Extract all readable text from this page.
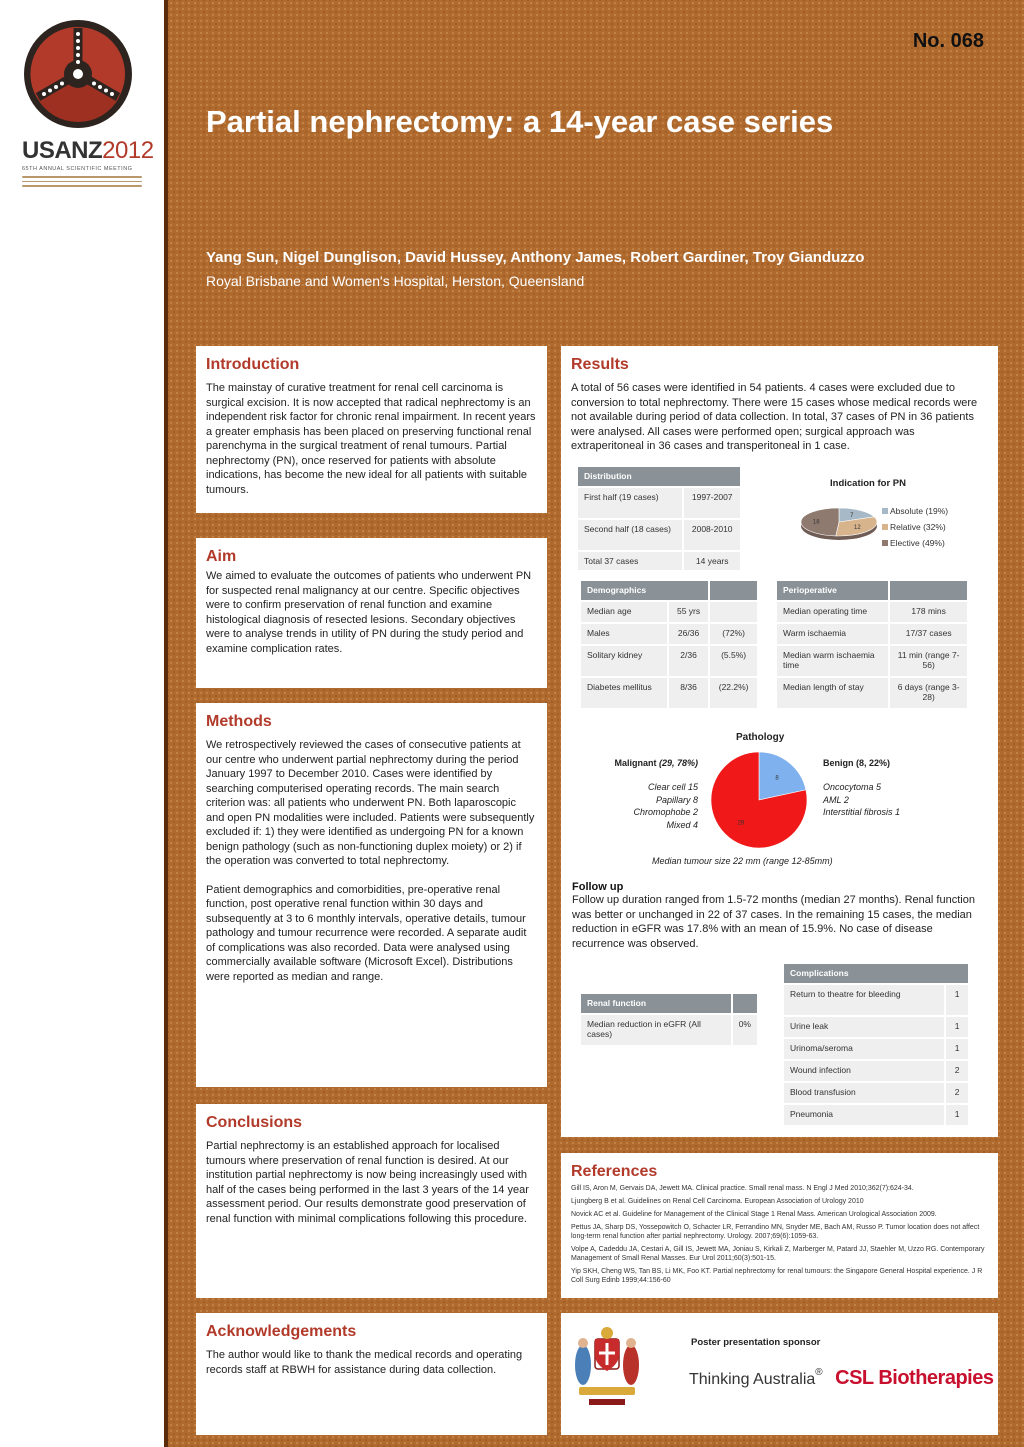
USANZ2012
65TH ANNUAL SCIENTIFIC MEETING
No. 068
Partial nephrectomy: a 14-year case series
Yang Sun, Nigel Dunglison, David Hussey, Anthony James, Robert Gardiner, Troy Gianduzzo
Royal Brisbane and Women's Hospital, Herston, Queensland
Introduction

The mainstay of curative treatment for renal cell carcinoma is surgical excision. It is now accepted that radical nephrectomy is an independent risk factor for chronic renal impairment. In recent years a greater emphasis has been placed on preserving functional renal parenchyma in the surgical treatment of renal tumours. Partial nephrectomy (PN), once reserved for patients with absolute indications, has become the new ideal for all patients with suitable tumours.

Aim

We aimed to evaluate the outcomes of patients who underwent PN for suspected renal malignancy at our centre. Specific objectives were to confirm preservation of renal function and examine histological diagnosis of resected lesions. Secondary objectives were to analyse trends in utility of PN during the study period and examine complication rates.

Methods

We retrospectively reviewed the cases of consecutive patients at our centre who underwent partial nephrectomy during the period January 1997 to December 2010. Cases were identified by searching computerised operating records. The main search criterion was: all patients who underwent PN. Both laparoscopic and open PN modalities were included. Patients were subsequently excluded if: 1) they were identified as undergoing PN for a known benign pathology (such as non-functioning duplex moiety) or 2) if the operation was converted to total nephrectomy.

Patient demographics and comorbidities, pre-operative renal function, post operative renal function within 30 days and subsequently at 3 to 6 monthly intervals, operative details, tumour pathology and tumour recurrence were recorded. A separate audit of complications was also recorded. Data were analysed using commercially available software (Microsoft Excel). Distributions were reported as median and range.

Conclusions

Partial nephrectomy is an established approach for localised tumours where preservation of renal function is desired. At our institution partial nephrectomy is now being increasingly used with half of the cases being performed in the last 3 years of the 14 year assessment period. Our results demonstrate good preservation of renal function with minimal complications following this procedure.

Acknowledgements

The author would like to thank the medical records and operating records staff at RBWH for assistance during data collection.

Results

A total of 56 cases were identified in 54 patients. 4 cases were excluded due to conversion to total nephrectomy. There were 15 cases whose medical records were not available during period of data collection. In total, 37 cases of PN in 36 patients were analysed. All cases were performed open; surgical approach was extraperitoneal in 36 cases and transperitoneal in 1 case.

Distribution	
First half (19 cases)	1997-2007
Second half (18 cases)	2008-2010
Total 37 cases	14 years
Indication for PN
7
12
18
Absolute (19%)
Relative (32%)
Elective (49%)
Demographics		
Median age	55 yrs	
Males	26/36	(72%)
Solitary kidney	2/36	(5.5%)
Diabetes mellitus	8/36	(22.2%)
Perioperative	
Median operating time	178 mins
Warm ischaemia	17/37 cases
Median warm ischaemia time	11 min (range 7-56)
Median length of stay	6 days (range 3-28)
Pathology
8
29
Malignant (29, 78%)
Clear cell 15
Papillary 8
Chromophobe 2
Mixed 4
Benign (8, 22%)
Oncocytoma 5
AML 2
Interstitial fibrosis 1
Median tumour size 22 mm (range 12-85mm)
Follow up

Follow up duration ranged from 1.5-72 months (median 27 months). Renal function was better or unchanged in 22 of 37 cases. In the remaining 15 cases, the median reduction in eGFR was 17.8% with an mean of 15.9%. No case of disease recurrence was observed.

Renal function	
Median reduction in eGFR (All cases)	0%
Complications	
Return to theatre for bleeding	1
Urine leak	1
Urinoma/seroma	1
Wound infection	2
Blood transfusion	2
Pneumonia	1
References
Gill IS, Aron M, Gervais DA, Jewett MA. Clinical practice. Small renal mass. N Engl J Med 2010;362(7):624-34.
Ljungberg B et al. Guidelines on Renal Cell Carcinoma. European Association of Urology 2010
Novick AC et al. Guideline for Management of the Clinical Stage 1 Renal Mass. American Urological Association 2009.
Pettus JA, Sharp DS, Yossepowitch O, Schacter LR, Ferrandino MN, Snyder ME, Bach AM, Russo P. Tumor location does not affect long-term renal function after partial nephrectomy. Urology. 2007;69(6):1059-63.
Volpe A, Cadeddu JA, Cestari A, Gill IS, Jewett MA, Joniau S, Kirkali Z, Marberger M, Patard JJ, Staehler M, Uzzo RG. Contemporary Management of Small Renal Masses. Eur Urol 2011;60(3):501-15.
Yip SKH, Cheng WS, Tan BS, Li MK, Foo KT. Partial nephrectomy for renal tumours: the Singapore General Hospital experience. J R Coll Surg Edinb 1999;44:156-60
Poster presentation sponsor
Thinking Australia® CSL Biotherapies
